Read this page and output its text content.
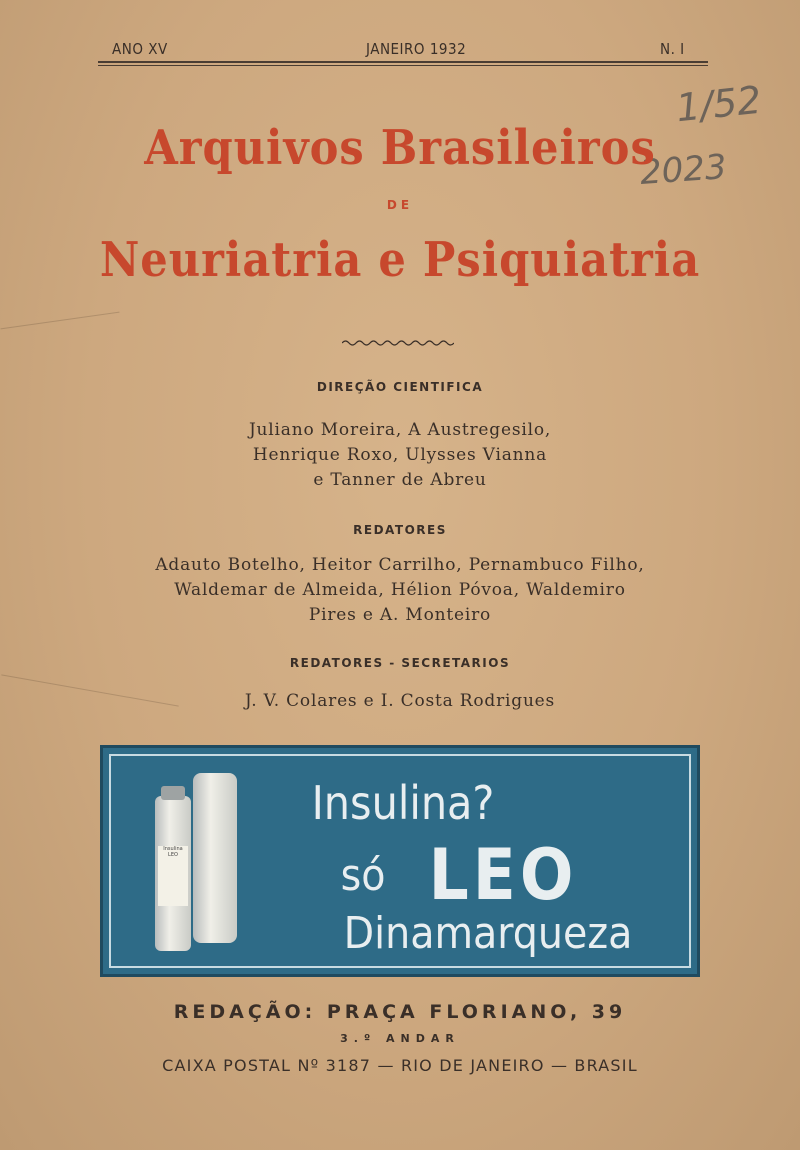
ANO XV	JANEIRO 1932	N. I
1/52
2023
Arquivos Brasileiros
DE
Neuriatria e Psiquiatria
DIREÇÃO CIENTIFICA
Juliano Moreira, A Austregesilo,
Henrique Roxo, Ulysses Vianna
e Tanner de Abreu
REDATORES
Adauto Botelho, Heitor Carrilho, Pernambuco Filho,
Waldemar de Almeida, Hélion Póvoa, Waldemiro
Pires e A. Monteiro
REDATORES - SECRETARIOS
J. V. Colares e I. Costa Rodrigues
Insulina LEO
Insulina?
só LEO
Dinamarqueza
REDAÇÃO: PRAÇA FLORIANO, 39
3.º ANDAR
CAIXA POSTAL Nº 3187 — RIO DE JANEIRO — BRASIL
